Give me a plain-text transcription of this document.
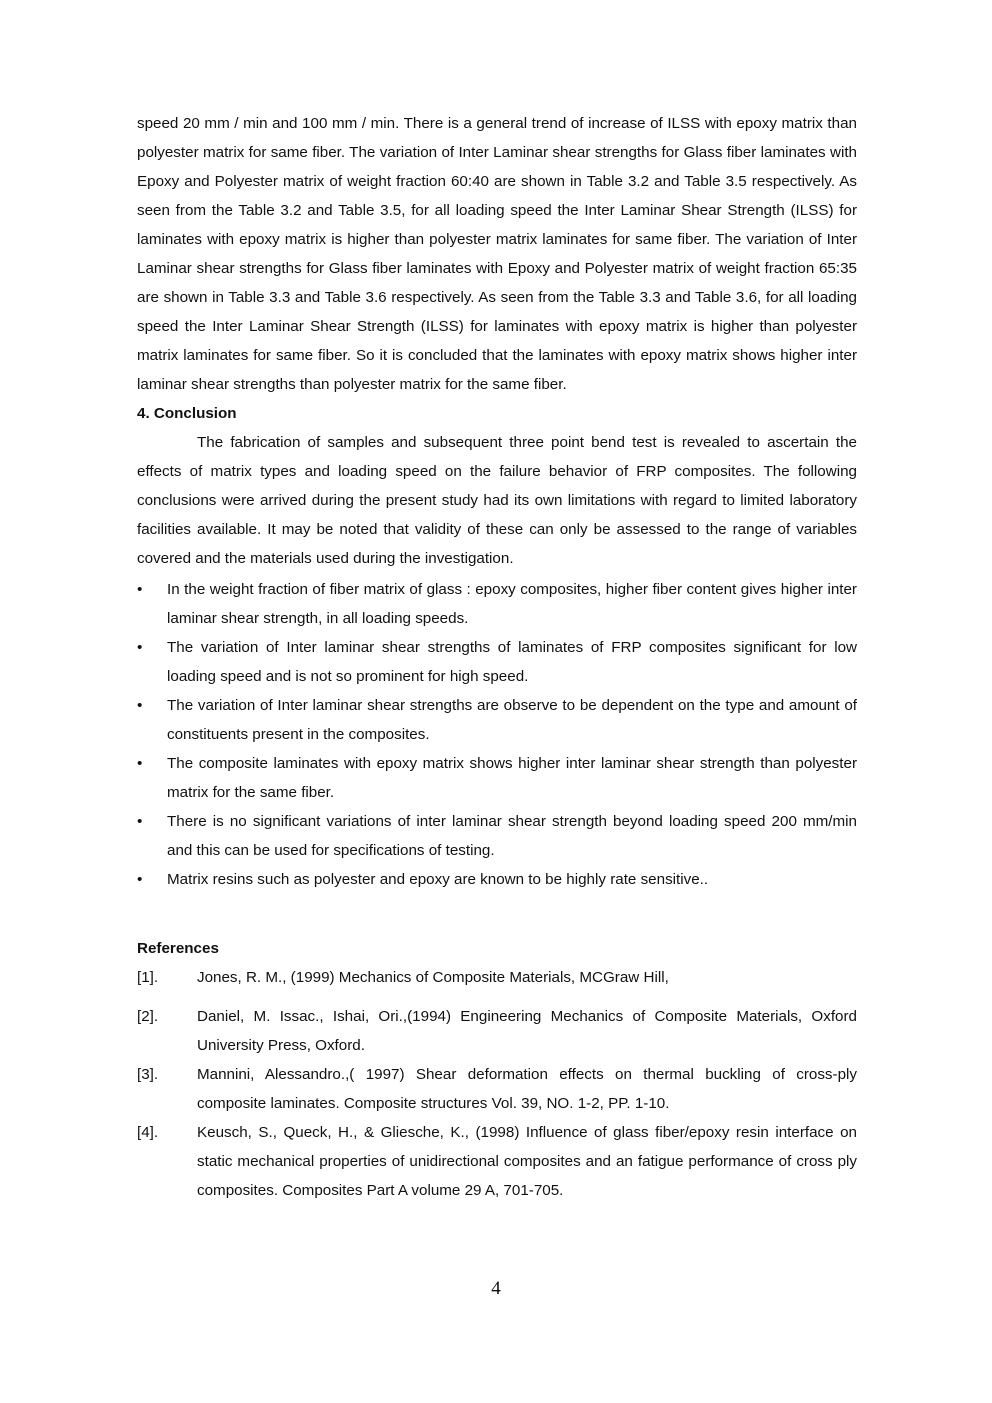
speed 20 mm / min and 100 mm / min. There is a general trend of increase of ILSS with epoxy matrix than polyester matrix for same fiber. The variation of Inter Laminar shear strengths for Glass fiber laminates with Epoxy and Polyester matrix of weight fraction 60:40 are shown in Table 3.2 and Table 3.5 respectively. As seen from the Table 3.2 and Table 3.5, for all loading speed the Inter Laminar Shear Strength (ILSS) for laminates with epoxy matrix is higher than polyester matrix laminates for same fiber. The variation of Inter Laminar shear strengths for Glass fiber laminates with Epoxy and Polyester matrix of weight fraction 65:35 are shown in Table 3.3 and Table 3.6 respectively. As seen from the Table 3.3 and Table 3.6, for all loading speed the Inter Laminar Shear Strength (ILSS) for laminates with epoxy matrix is higher than polyester matrix laminates for same fiber. So it is concluded that the laminates with epoxy matrix shows higher inter laminar shear strengths than polyester matrix for the same fiber.

4. Conclusion

The fabrication of samples and subsequent three point bend test is revealed to ascertain the effects of matrix types and loading speed on the failure behavior of FRP composites. The following conclusions were arrived during the present study had its own limitations with regard to limited laboratory facilities available. It may be noted that validity of these can only be assessed to the range of variables covered and the materials used during the investigation.

•	In the weight fraction of fiber matrix of glass : epoxy composites, higher fiber content gives higher inter laminar shear strength, in all loading speeds.
•	The variation of Inter laminar shear strengths of laminates of FRP composites significant for low loading speed and is not so prominent for high speed.
•	The variation of Inter laminar shear strengths are observe to be dependent on the type and amount of constituents present in the composites.
•	The composite laminates with epoxy matrix shows higher inter laminar shear strength than polyester matrix for the same fiber.
•	There is no significant variations of inter laminar shear strength beyond loading speed 200 mm/min and this can be used for specifications of testing.
•	Matrix resins such as polyester and epoxy are known to be highly rate sensitive..

References

[1].	Jones, R. M., (1999) Mechanics of Composite Materials, MCGraw Hill,
[2].	Daniel, M. Issac., Ishai, Ori.,(1994) Engineering Mechanics of Composite Materials, Oxford University Press, Oxford.
[3].	Mannini, Alessandro.,( 1997) Shear deformation effects on thermal buckling of cross-ply composite laminates. Composite structures Vol. 39, NO. 1-2, PP. 1-10.
[4].	Keusch, S., Queck, H., & Gliesche, K., (1998) Influence of glass fiber/epoxy resin interface on static mechanical properties of unidirectional composites and an fatigue performance of cross ply composites. Composites Part A volume 29 A, 701-705.
4
